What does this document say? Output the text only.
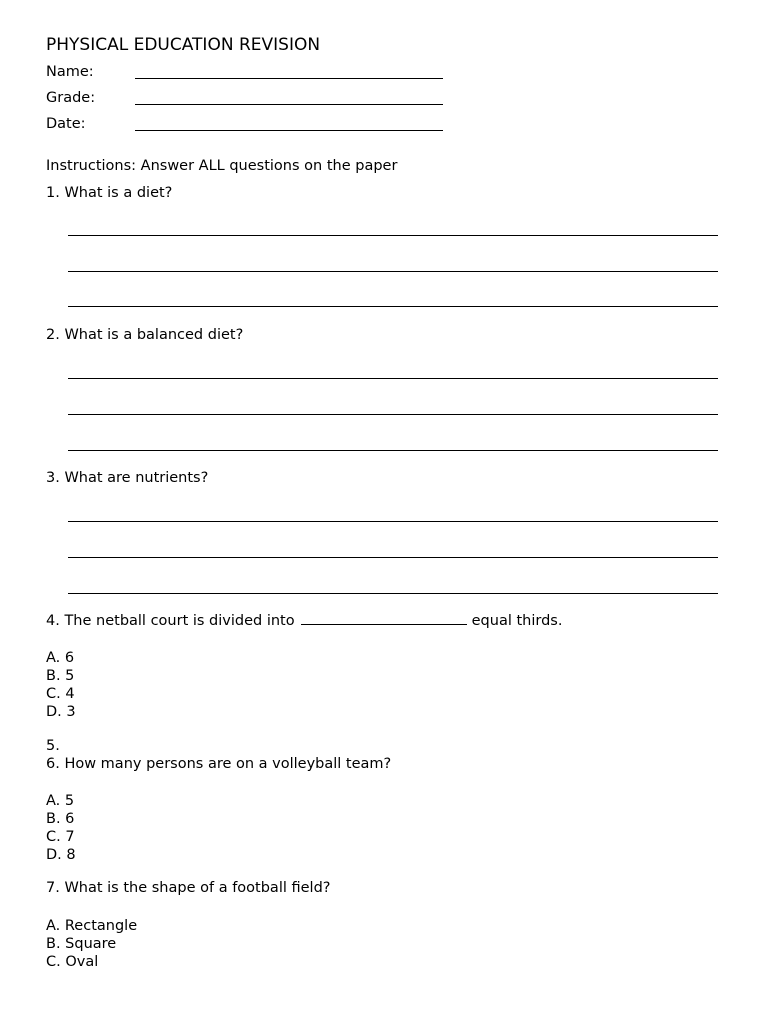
PHYSICAL EDUCATION REVISION
Name:
Grade:
Date:
Instructions: Answer ALL questions on the paper
1. What is a diet?
2. What is a balanced diet?
3. What are nutrients?
4. The netball court is divided into	equal thirds.
A. 6
B. 5
C. 4
D. 3
5.
6. How many persons are on a volleyball team?
A. 5
B. 6
C. 7
D. 8
7. What is the shape of a football field?
A. Rectangle
B. Square
C. Oval
